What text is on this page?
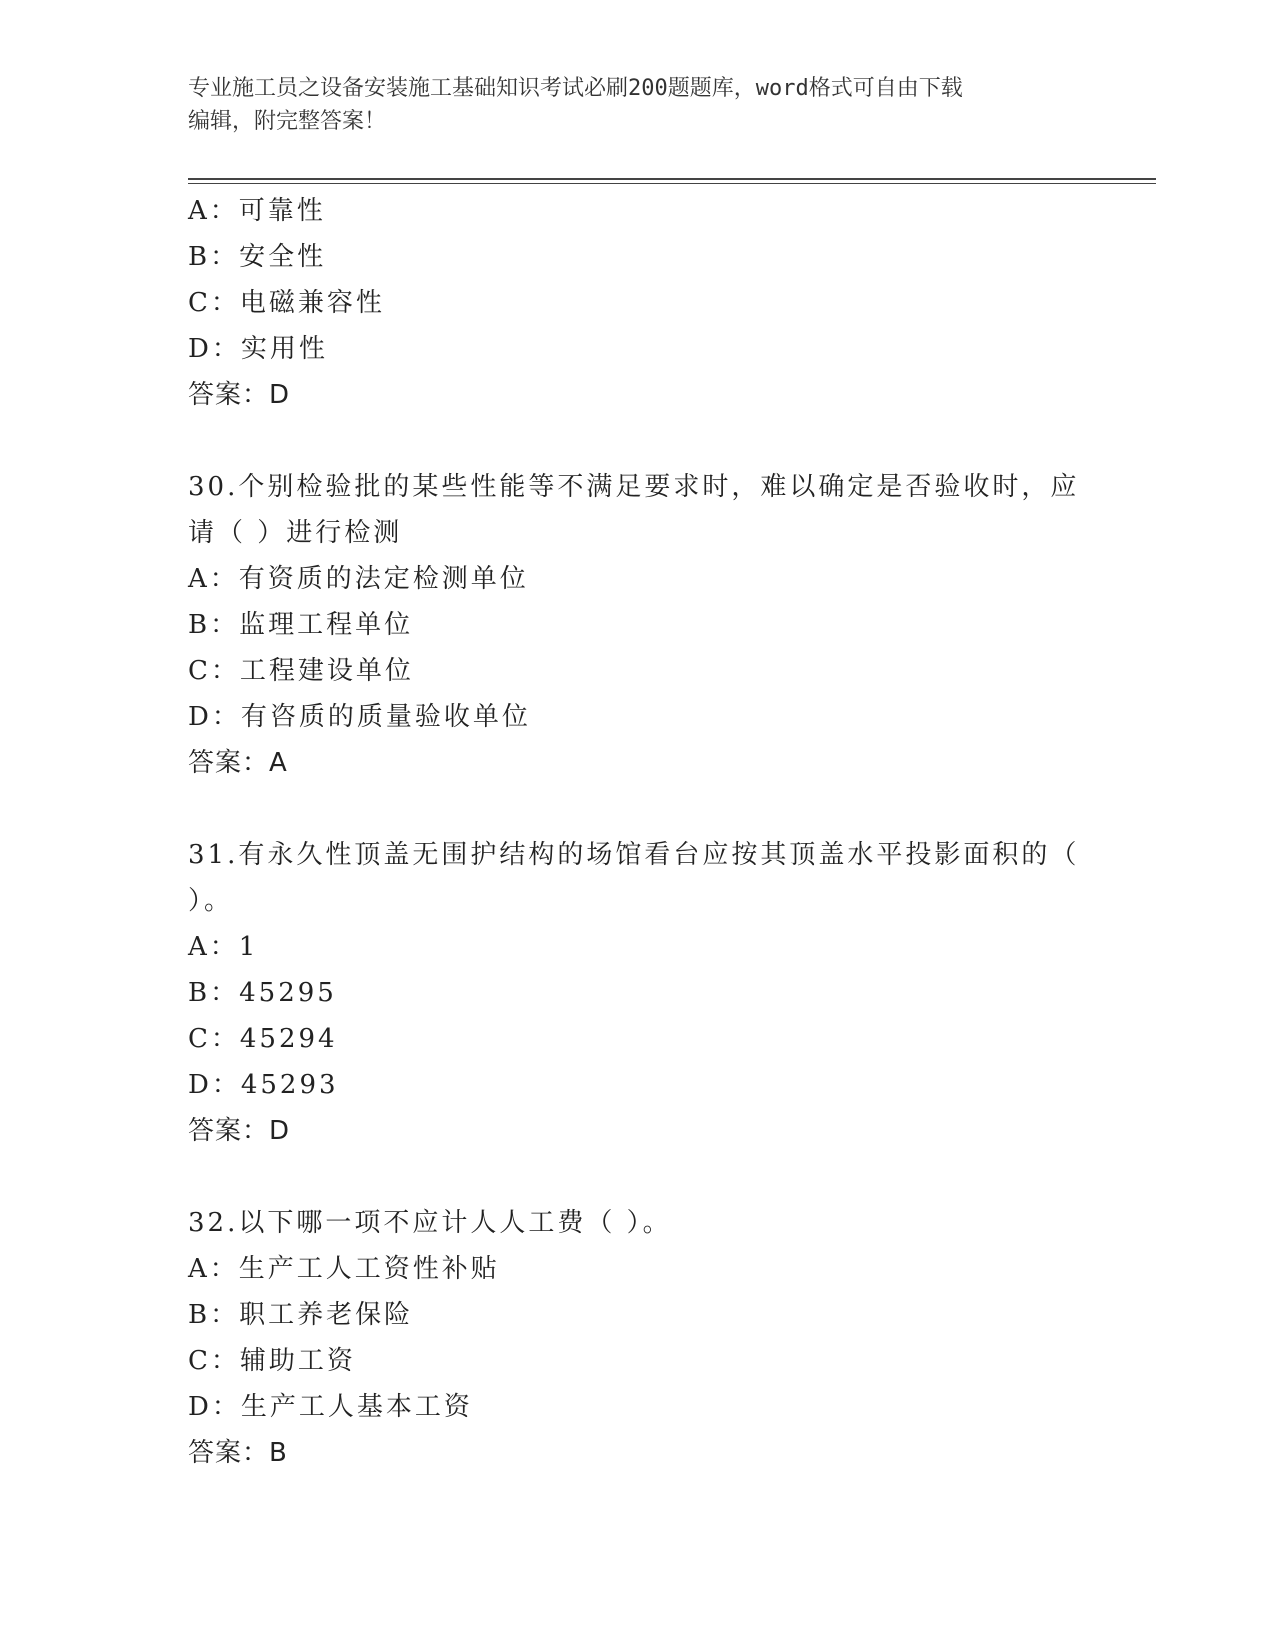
专业施工员之设备安装施工基础知识考试必刷200题题库，word格式可自由下载
编辑，附完整答案！
A：可靠性
B：安全性
C：电磁兼容性
D：实用性
答案：D
30.个别检验批的某些性能等不满足要求时，难以确定是否验收时，应
请（ ）进行检测
A：有资质的法定检测单位
B：监理工程单位
C：工程建设单位
D：有咨质的质量验收单位
答案：A
31.有永久性顶盖无围护结构的场馆看台应按其顶盖水平投影面积的（
）。
A：1
B：45295
C：45294
D：45293
答案：D
32.以下哪一项不应计人人工费（ ）。
A：生产工人工资性补贴
B：职工养老保险
C：辅助工资
D：生产工人基本工资
答案：B
